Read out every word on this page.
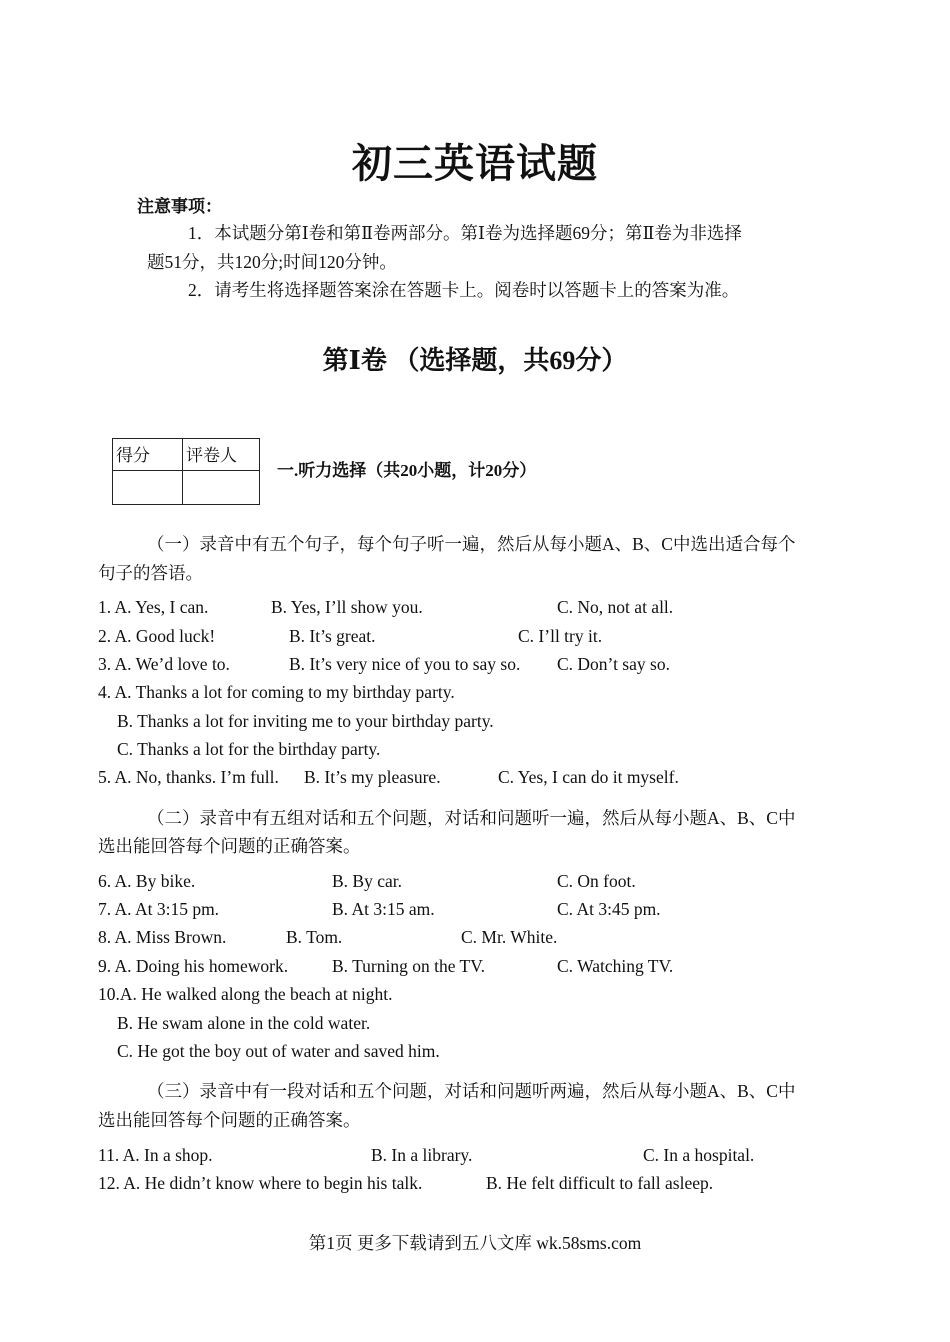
初三英语试题
注意事项：
1．本试题分第Ⅰ卷和第Ⅱ卷两部分。第Ⅰ卷为选择题69分；第Ⅱ卷为非选择
题51分，共120分;时间120分钟。
2．请考生将选择题答案涂在答题卡上。阅卷时以答题卡上的答案为准。
第Ⅰ卷 （选择题，共69分）
得分	评卷人

一.听力选择（共20小题，计20分）
（一）录音中有五个句子，每个句子听一遍，然后从每小题A、B、C中选出适合每个
句子的答语。
1. A. Yes, I can.	B. Yes, I’ll show you.	C. No, not at all.
2. A. Good luck!	B. It’s great.	C. I’ll try it.
3. A. We’d love to.	B. It’s very nice of you to say so. C. Don’t say so.
4. A. Thanks a lot for coming to my birthday party.
B. Thanks a lot for inviting me to your birthday party.
C. Thanks a lot for the birthday party.
5. A. No, thanks. I’m full. B. It’s my pleasure.	C. Yes, I can do it myself.
（二）录音中有五组对话和五个问题，对话和问题听一遍，然后从每小题A、B、C中
选出能回答每个问题的正确答案。
6. A. By bike.	B. By car.	C. On foot.
7. A. At 3:15 pm.	B. At 3:15 am.	C. At 3:45 pm.
8. A. Miss Brown.	B. Tom.	C. Mr. White.
9. A. Doing his homework.	B. Turning on the TV.	C. Watching TV.
10.A. He walked along the beach at night.
B. He swam alone in the cold water.
C. He got the boy out of water and saved him.
（三）录音中有一段对话和五个问题，对话和问题听两遍，然后从每小题A、B、C中
选出能回答每个问题的正确答案。
11. A. In a shop.	B. In a library.	C. In a hospital.
12. A. He didn’t know where to begin his talk.	B. He felt difficult to fall asleep.
第1页 更多下载请到五八文库 wk.58sms.com
